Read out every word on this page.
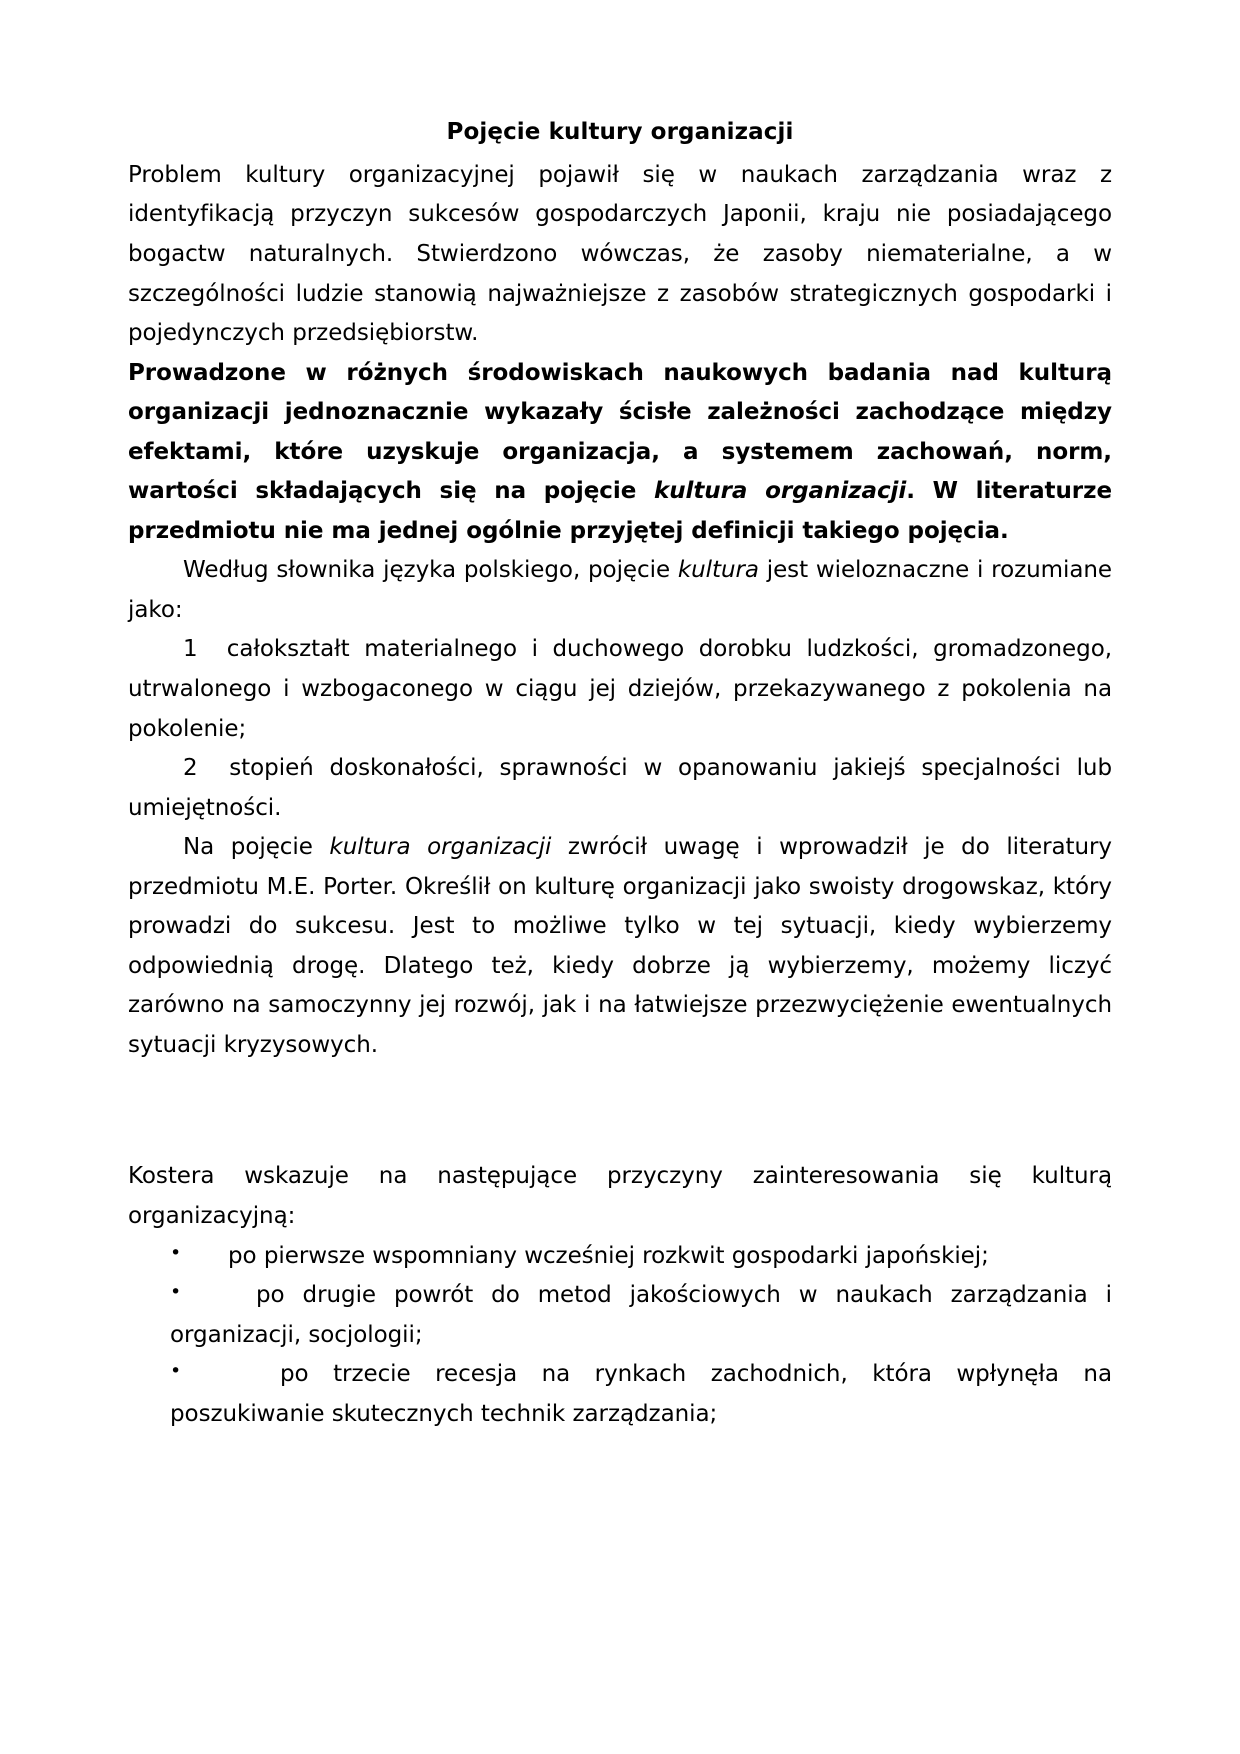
Pojęcie kultury organizacji

Problem kultury organizacyjnej pojawił się w naukach zarządzania wraz z identyfikacją przyczyn sukcesów gospodarczych Japonii, kraju nie posiadającego bogactw naturalnych. Stwierdzono wówczas, że zasoby niematerialne, a w szczególności ludzie stanowią najważniejsze z zasobów strategicznych gospodarki i pojedynczych przedsiębiorstw.

Prowadzone w różnych środowiskach naukowych badania nad kulturą organizacji jednoznacznie wykazały ścisłe zależności zachodzące między efektami, które uzyskuje organizacja, a systemem zachowań, norm, wartości składających się na pojęcie kultura organizacji. W literaturze przedmiotu nie ma jednej ogólnie przyjętej definicji takiego pojęcia.

Według słownika języka polskiego, pojęcie kultura jest wieloznaczne i rozumiane jako:

1 całokształt materialnego i duchowego dorobku ludzkości, gromadzonego, utrwalonego i wzbogaconego w ciągu jej dziejów, przekazywanego z pokolenia na pokolenie;

2 stopień doskonałości, sprawności w opanowaniu jakiejś specjalności lub umiejętności.

Na pojęcie kultura organizacji zwrócił uwagę i wprowadził je do literatury przedmiotu M.E. Porter. Określił on kulturę organizacji jako swoisty drogowskaz, który prowadzi do sukcesu. Jest to możliwe tylko w tej sytuacji, kiedy wybierzemy odpowiednią drogę. Dlatego też, kiedy dobrze ją wybierzemy, możemy liczyć zarówno na samoczynny jej rozwój, jak i na łatwiejsze przezwyciężenie ewentualnych sytuacji kryzysowych.

Kostera wskazuje na następujące przyczyny zainteresowania się kulturą organizacyjną:

•	po pierwsze wspomniany wcześniej rozkwit gospodarki japońskiej;

•	po drugie powrót do metod jakościowych w naukach zarządzania i organizacji, socjologii;

•	po trzecie recesja na rynkach zachodnich, która wpłynęła na poszukiwanie skutecznych technik zarządzania;
